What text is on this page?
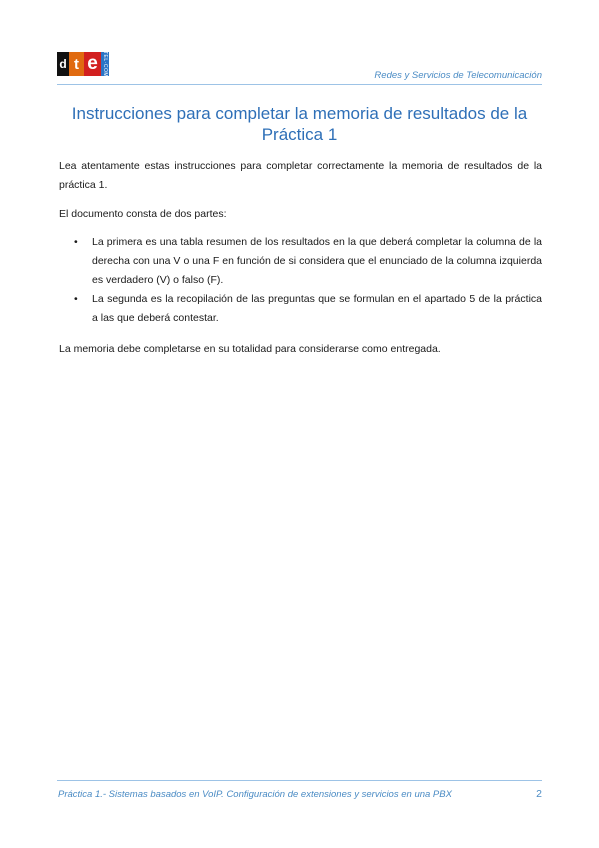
d t e TEL·COM	Redes y Servicios de Telecomunicación
Instrucciones para completar la memoria de resultados de la Práctica 1

Lea atentamente estas instrucciones para completar correctamente la memoria de resultados de la práctica 1.

El documento consta de dos partes:

• La primera es una tabla resumen de los resultados en la que deberá completar la columna de la derecha con una V o una F en función de si considera que el enunciado de la columna izquierda es verdadero (V) o falso (F).
• La segunda es la recopilación de las preguntas que se formulan en el apartado 5 de la práctica a las que deberá contestar.

La memoria debe completarse en su totalidad para considerarse como entregada.

Práctica 1.- Sistemas basados en VoIP. Configuración de extensiones y servicios en una PBX	2
